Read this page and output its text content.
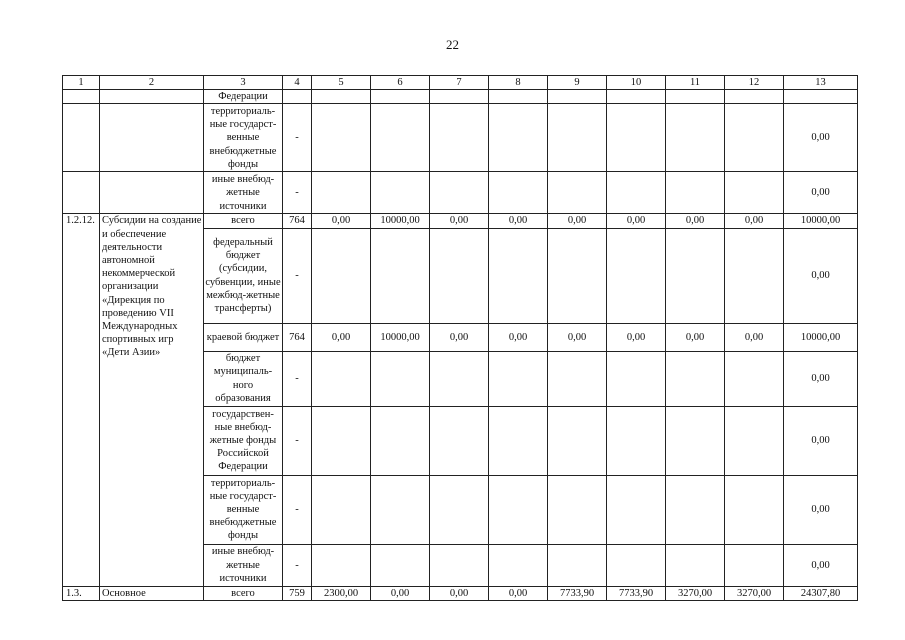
22
1	2	3	4	5	6	7	8	9	10	11	12	13
		Федерации										
		территориаль-ные государст-венные внебюджетные фонды	-									0,00
		иные внебюд-жетные источники	-									0,00
1.2.12.	Субсидии на создание и обеспечение деятельности автономной некоммерческой организации «Дирекция по проведению VII Международных спортивных игр «Дети Азии»	всего	764	0,00	10000,00	0,00	0,00	0,00	0,00	0,00	0,00	10000,00
		федеральный бюджет (субсидии, субвенции, иные межбюд-жетные трансферты)	-									0,00
		краевой бюджет	764	0,00	10000,00	0,00	0,00	0,00	0,00	0,00	0,00	10000,00
		бюджет муниципаль-ного образования	-									0,00
		государствен-ные внебюд-жетные фонды Российской Федерации	-									0,00
		территориаль-ные государст-венные внебюджетные фонды	-									0,00
		иные внебюд-жетные источники	-									0,00
1.3.	Основное	всего	759	2300,00	0,00	0,00	0,00	7733,90	7733,90	3270,00	3270,00	24307,80
